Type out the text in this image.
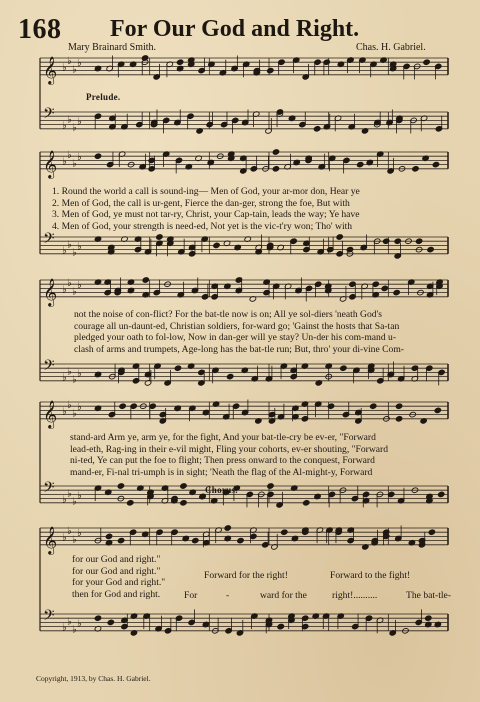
𝄞 ♭
♭
♭
♭
𝄢 ♭
♭
♭
♭
𝄞 ♭
♭
♭
♭
𝄢 ♭
♭
♭
♭
𝄞 ♭
♭
♭
♭
𝄢 ♭
♭
♭
♭
𝄞 ♭
♭
♭
♭
𝄢 ♭
♭
♭
♭
𝄞 ♭
♭
♭
♭
𝄢 ♭
♭
♭
♭
168 For Our God and Right.
Mary Brainard Smith.	Chas. H. Gabriel.
Prelude.
1. Round the world a call is sound-ing— Men of God, your ar-mor don, Hear ye
2. Men of God, the call is ur-gent, Fierce the dan-ger, strong the foe, But with
3. Men of God, ye must not tar-ry, Christ, your Cap-tain, leads the way; Ye have
4. Men of God, your strength is need-ed, Not yet is the vic-t'ry won; Tho' with
not the noise of con-flict? For the bat-tle now is on; All ye sol-diers 'neath God's
courage all un-daunt-ed, Christian soldiers, for-ward go; 'Gainst the hosts that Sa-tan
pledged your oath to fol-low, Now in dan-ger will ye stay? Un-der his com-mand u-
clash of arms and trumpets, Age-long has the bat-tle run; But, thro' your di-vine Com-
stand-ard Arm ye, arm ye, for the fight, And your bat-tle-cry be ev-er, "Forward
lead-eth, Rag-ing in their e-vil might, Fling your cohorts, ev-er shouting, "Forward
ni-ted, Ye can put the foe to flight; Then press onward to the conquest, Forward
mand-er, Fi-nal tri-umph is in sight; 'Neath the flag of the Al-might-y, Forward
Chorus.
for our God and right."
for our God and right."
for your God and right."
then for God and right.
Forward for the right!	Forward to the fight!
For	-	ward for the	right!..........	The bat-tle-
Copyright, 1913, by Chas. H. Gabriel.
